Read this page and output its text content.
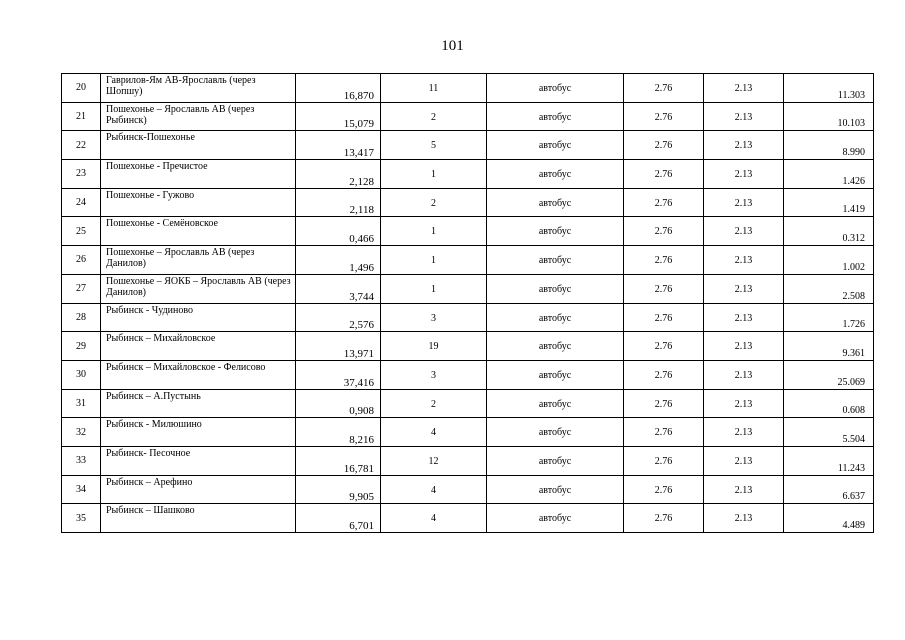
101
20	Гаврилов-Ям АВ-Ярославль (через Шопшу)	16,870	11	автобус	2.76	2.13	11.303
21	Пошехонье – Ярославль АВ (через Рыбинск)	15,079	2	автобус	2.76	2.13	10.103
22	Рыбинск-Пошехонье	13,417	5	автобус	2.76	2.13	8.990
23	Пошехонье - Пречистое	2,128	1	автобус	2.76	2.13	1.426
24	Пошехонье - Гужово	2,118	2	автобус	2.76	2.13	1.419
25	Пошехонье - Семёновское	0,466	1	автобус	2.76	2.13	0.312
26	Пошехонье – Ярославль АВ (через Данилов)	1,496	1	автобус	2.76	2.13	1.002
27	Пошехонье – ЯОКБ – Ярославль АВ (через Данилов)	3,744	1	автобус	2.76	2.13	2.508
28	Рыбинск - Чудиново	2,576	3	автобус	2.76	2.13	1.726
29	Рыбинск – Михайловское	13,971	19	автобус	2.76	2.13	9.361
30	Рыбинск – Михайловское - Фелисово	37,416	3	автобус	2.76	2.13	25.069
31	Рыбинск – А.Пустынь	0,908	2	автобус	2.76	2.13	0.608
32	Рыбинск - Милюшино	8,216	4	автобус	2.76	2.13	5.504
33	Рыбинск- Песочное	16,781	12	автобус	2.76	2.13	11.243
34	Рыбинск – Арефино	9,905	4	автобус	2.76	2.13	6.637
35	Рыбинск – Шашково	6,701	4	автобус	2.76	2.13	4.489
